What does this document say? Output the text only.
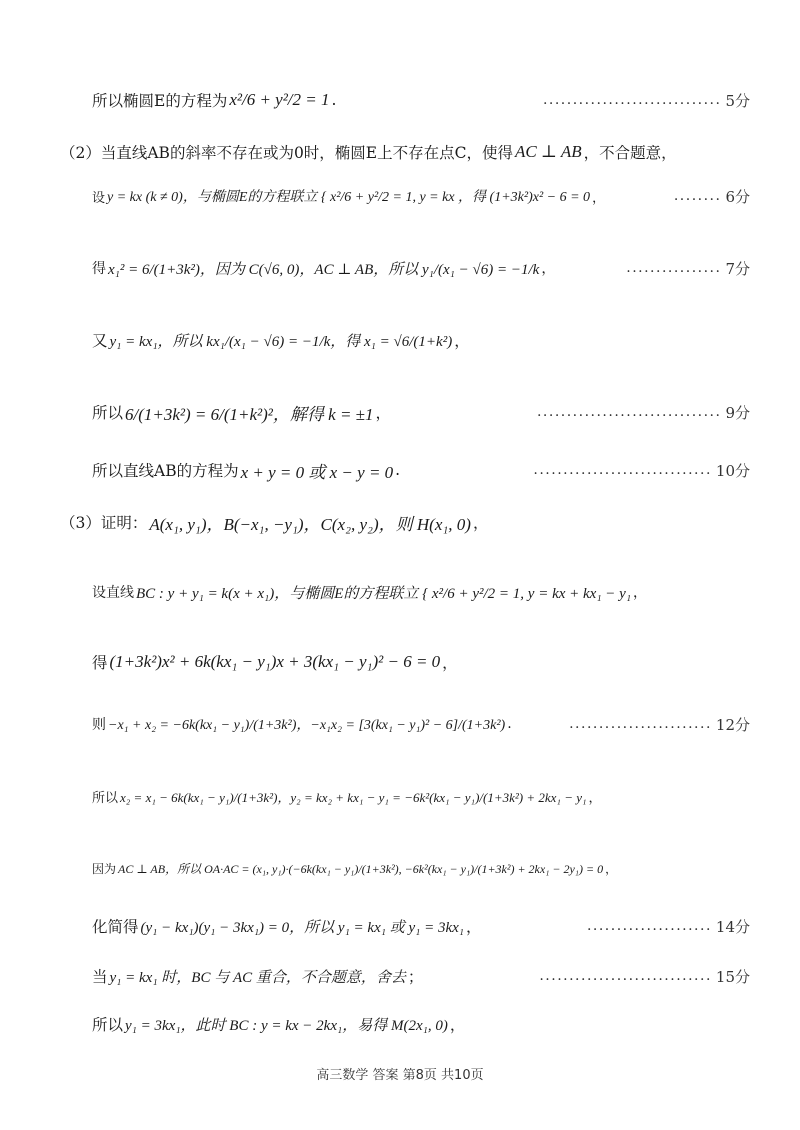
所以椭圆E的方程为 x²/6 + y²/2 = 1 .	.............................. 5分
（2）当直线AB的斜率不存在或为0时，椭圆E上不存在点C，使得 AC ⊥ AB ，不合题意，
设 y = kx (k ≠ 0)，与椭圆E的方程联立 { x²/6 + y²/2 = 1, y = kx ，得 (1+3k²)x² − 6 = 0 ，	........ 6分
得 x₁² = 6/(1+3k²)，因为 C(√6, 0)，AC ⊥ AB，所以 y₁/(x₁ − √6) = −1/k ，	................ 7分
又 y₁ = kx₁，所以 kx₁/(x₁ − √6) = −1/k，得 x₁ = √6/(1+k²) ，
所以 6/(1+3k²) = 6/(1+k²)²，解得 k = ±1 ，	............................... 9分
所以直线AB的方程为 x + y = 0 或 x − y = 0 .	.............................. 10分
（3）证明： A(x₁, y₁)，B(−x₁, −y₁)，C(x₂, y₂)，则 H(x₁, 0) ，
设直线 BC : y + y₁ = k(x + x₁)，与椭圆E的方程联立 { x²/6 + y²/2 = 1, y = kx + kx₁ − y₁ ，
得 (1+3k²)x² + 6k(kx₁ − y₁)x + 3(kx₁ − y₁)² − 6 = 0 ，
则 −x₁ + x₂ = −6k(kx₁ − y₁)/(1+3k²)，−x₁x₂ = [3(kx₁ − y₁)² − 6]/(1+3k²) .	........................ 12分
所以 x₂ = x₁ − 6k(kx₁ − y₁)/(1+3k²)，y₂ = kx₂ + kx₁ − y₁ = −6k²(kx₁ − y₁)/(1+3k²) + 2kx₁ − y₁ ，
因为 AC ⊥ AB，所以 OA·AC = (x₁, y₁)·(−6k(kx₁ − y₁)/(1+3k²), −6k²(kx₁ − y₁)/(1+3k²) + 2kx₁ − 2y₁) = 0 ，
化简得 (y₁ − kx₁)(y₁ − 3kx₁) = 0，所以 y₁ = kx₁ 或 y₁ = 3kx₁ ，	..................... 14分
当 y₁ = kx₁ 时，BC 与 AC 重合，不合题意，舍去 ；	............................. 15分
所以 y₁ = 3kx₁，此时 BC : y = kx − 2kx₁，易得 M(2x₁, 0) ，
高三数学 答案 第8页 共10页
